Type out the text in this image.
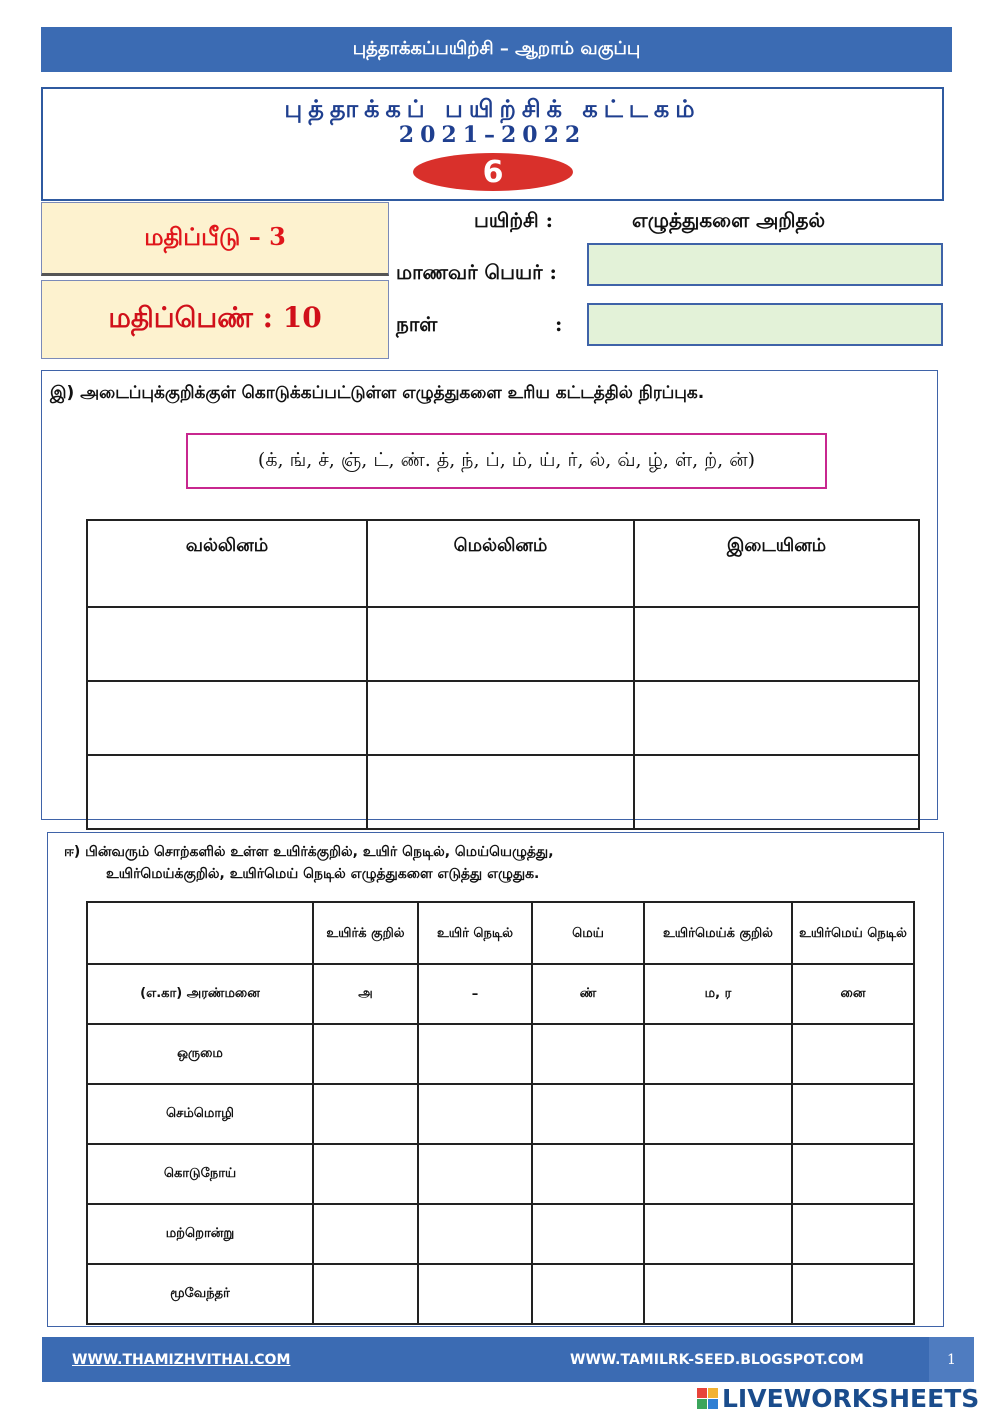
புத்தாக்கப்பயிற்சி – ஆறாம் வகுப்பு
புத்தாக்கப் பயிற்சிக் கட்டகம்
2021–2022
6
மதிப்பீடு – 3
மதிப்பெண் : 10
பயிற்சி :	எழுத்துகளை அறிதல்
மாணவர் பெயர் :
நாள்	:
இ) அடைப்புக்குறிக்குள் கொடுக்கப்பட்டுள்ள எழுத்துகளை உரிய கட்டத்தில் நிரப்புக.
(க், ங், ச், ஞ், ட், ண். த், ந், ப், ம், ய், ர், ல், வ், ழ், ள், ற், ன்)
வல்லினம்	மெல்லினம்	இடையினம்

ஈ) பின்வரும் சொற்களில் உள்ள உயிர்க்குறில், உயிர் நெடில், மெய்யெழுத்து,
உயிர்மெய்க்குறில், உயிர்மெய் நெடில் எழுத்துகளை எடுத்து எழுதுக.
	உயிர்க் குறில்	உயிர் நெடில்	மெய்	உயிர்மெய்க் குறில்	உயிர்மெய் நெடில்
(எ.கா) அரண்மனை	அ	–	ண்	ம, ர	னை
ஒருமை					
செம்மொழி					
கொடுநோய்					
மற்றொன்று					
மூவேந்தர்					
WWW.THAMIZHVITHAI.COM	WWW.TAMILRK-SEED.BLOGSPOT.COM	1
LIVEWORKSHEETS
